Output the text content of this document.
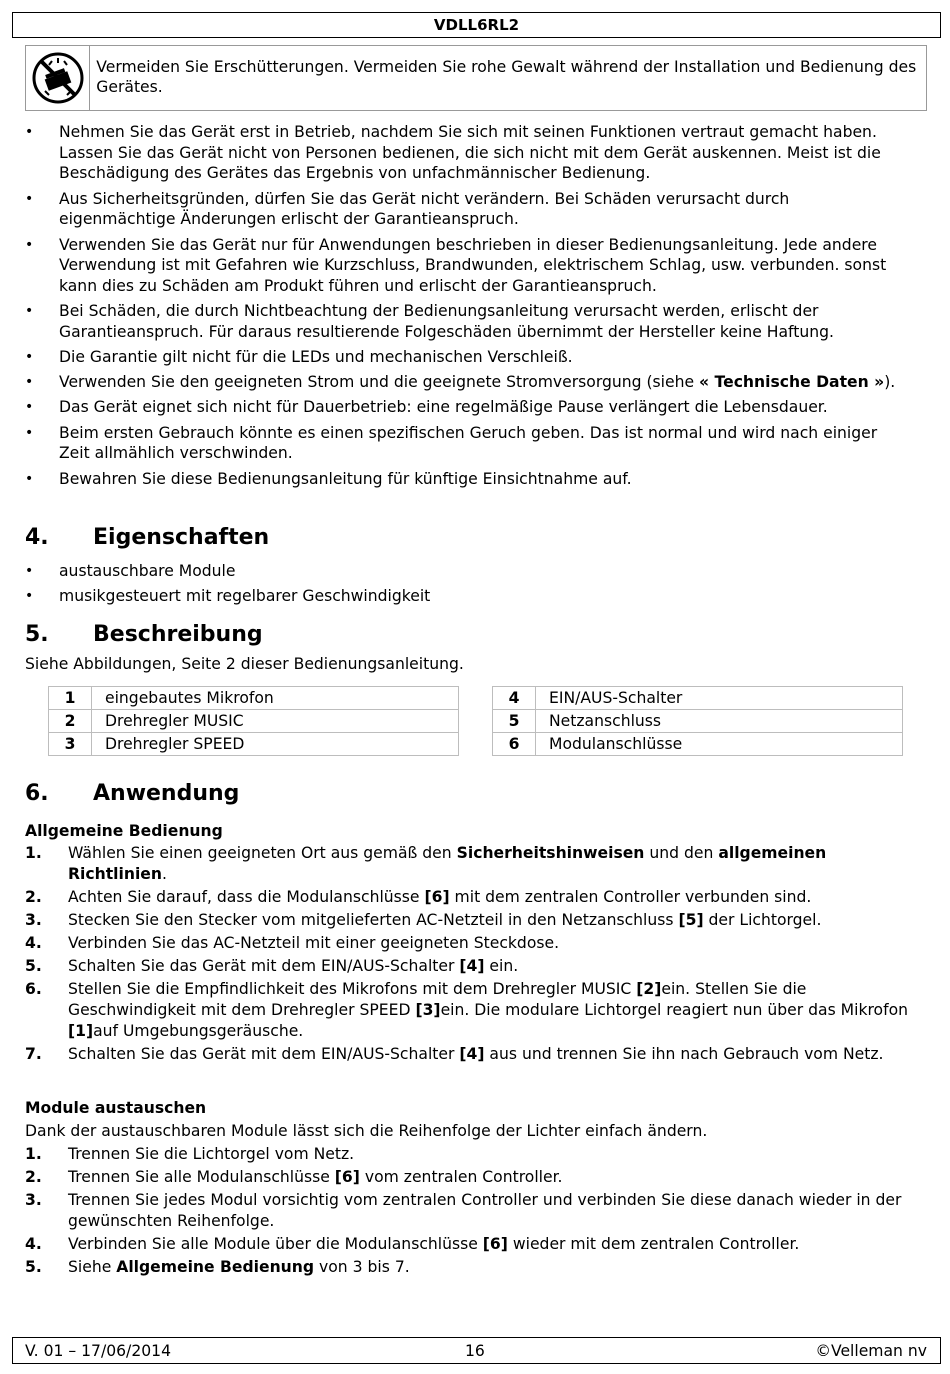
VDLL6RL2
Vermeiden Sie Erschütterungen. Vermeiden Sie rohe Gewalt während der Installation und Bedienung des Gerätes.
• Nehmen Sie das Gerät erst in Betrieb, nachdem Sie sich mit seinen Funktionen vertraut gemacht haben. Lassen Sie das Gerät nicht von Personen bedienen, die sich nicht mit dem Gerät auskennen. Meist ist die Beschädigung des Gerätes das Ergebnis von unfachmännischer Bedienung.
• Aus Sicherheitsgründen, dürfen Sie das Gerät nicht verändern. Bei Schäden verursacht durch eigenmächtige Änderungen erlischt der Garantieanspruch.
• Verwenden Sie das Gerät nur für Anwendungen beschrieben in dieser Bedienungsanleitung. Jede andere Verwendung ist mit Gefahren wie Kurzschluss, Brandwunden, elektrischem Schlag, usw. verbunden. sonst kann dies zu Schäden am Produkt führen und erlischt der Garantieanspruch.
• Bei Schäden, die durch Nichtbeachtung der Bedienungsanleitung verursacht werden, erlischt der Garantieanspruch. Für daraus resultierende Folgeschäden übernimmt der Hersteller keine Haftung.
• Die Garantie gilt nicht für die LEDs und mechanischen Verschleiß.
• Verwenden Sie den geeigneten Strom und die geeignete Stromversorgung (siehe « Technische Daten »).
• Das Gerät eignet sich nicht für Dauerbetrieb: eine regelmäßige Pause verlängert die Lebensdauer.
• Beim ersten Gebrauch könnte es einen spezifischen Geruch geben. Das ist normal und wird nach einiger Zeit allmählich verschwinden.
• Bewahren Sie diese Bedienungsanleitung für künftige Einsichtnahme auf.
4. Eigenschaften
• austauschbare Module
• musikgesteuert mit regelbarer Geschwindigkeit
5. Beschreibung

Siehe Abbildungen, Seite 2 dieser Bedienungsanleitung.

1	eingebautes Mikrofon
2	Drehregler MUSIC
3	Drehregler SPEED
4	EIN/AUS-Schalter
5	Netzanschluss
6	Modulanschlüsse
6. Anwendung
Allgemeine Bedienung
1. Wählen Sie einen geeigneten Ort aus gemäß den Sicherheitshinweisen und den allgemeinen Richtlinien.
2. Achten Sie darauf, dass die Modulanschlüsse [6] mit dem zentralen Controller verbunden sind.
3. Stecken Sie den Stecker vom mitgelieferten AC-Netzteil in den Netzanschluss [5] der Lichtorgel.
4. Verbinden Sie das AC-Netzteil mit einer geeigneten Steckdose.
5. Schalten Sie das Gerät mit dem EIN/AUS-Schalter [4] ein.
6. Stellen Sie die Empfindlichkeit des Mikrofons mit dem Drehregler MUSIC [2]ein. Stellen Sie die Geschwindigkeit mit dem Drehregler SPEED [3]ein. Die modulare Lichtorgel reagiert nun über das Mikrofon [1]auf Umgebungsgeräusche.
7. Schalten Sie das Gerät mit dem EIN/AUS-Schalter [4] aus und trennen Sie ihn nach Gebrauch vom Netz.
Module austauschen

Dank der austauschbaren Module lässt sich die Reihenfolge der Lichter einfach ändern.

1. Trennen Sie die Lichtorgel vom Netz.
2. Trennen Sie alle Modulanschlüsse [6] vom zentralen Controller.
3. Trennen Sie jedes Modul vorsichtig vom zentralen Controller und verbinden Sie diese danach wieder in der gewünschten Reihenfolge.
4. Verbinden Sie alle Module über die Modulanschlüsse [6] wieder mit dem zentralen Controller.
5. Siehe Allgemeine Bedienung von 3 bis 7.
V. 01 – 17/06/2014	16	©Velleman nv
